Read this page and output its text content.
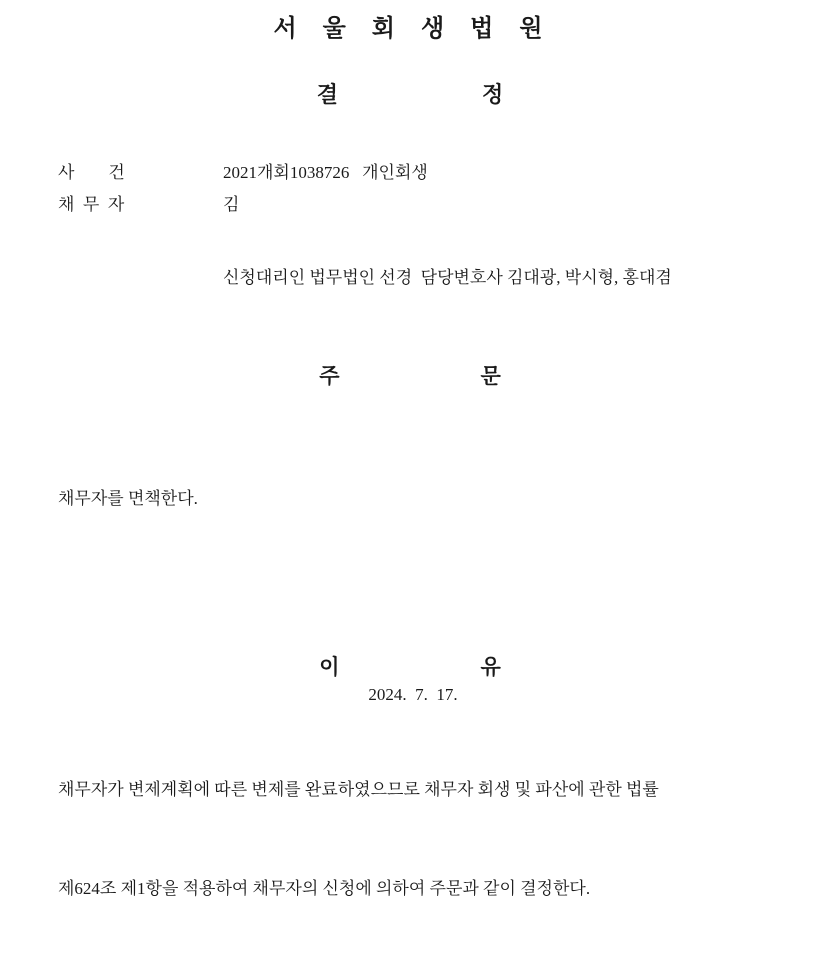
서 울 회 생 법 원
결            정
사        건	2021개회1038726   개인회생
채  무  자	김
신청대리인 법무법인 선경  담당변호사 김대광, 박시형, 홍대겸
주            문

채무자를 면책한다.

이            유

채무자가 변제계획에 따른 변제를 완료하였으므로 채무자 회생 및 파산에 관한 법률

제624조 제1항을 적용하여 채무자의 신청에 의하여 주문과 같이 결정한다.

2024.  7.  17.
